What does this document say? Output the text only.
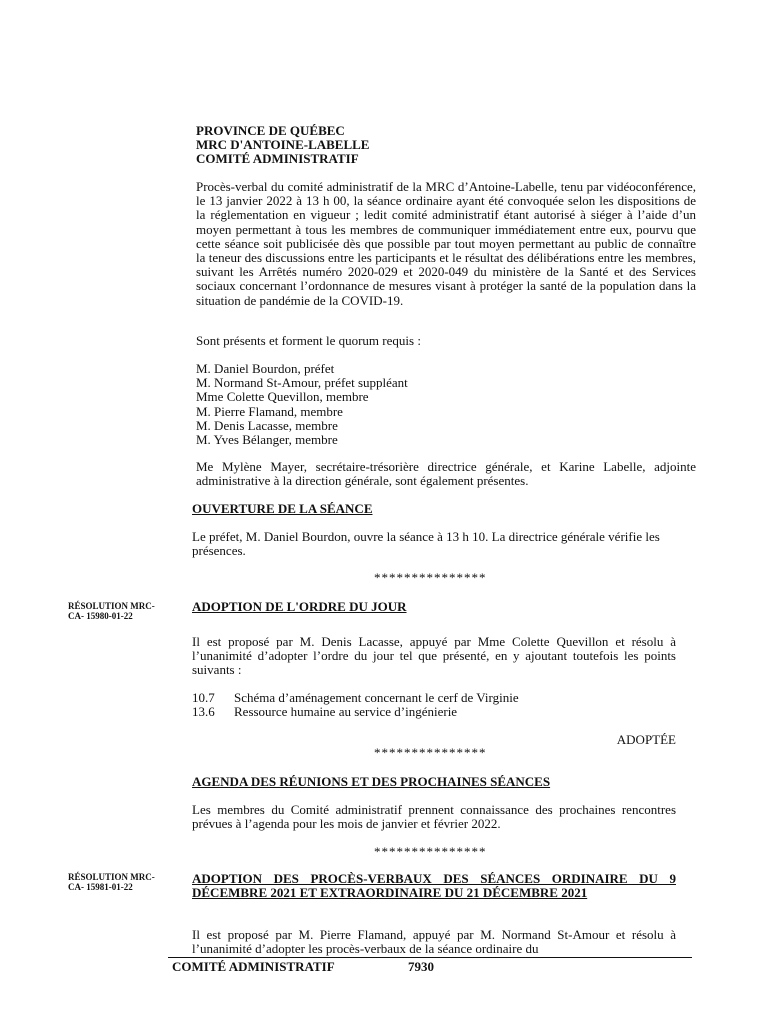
PROVINCE DE QUÉBEC
MRC D'ANTOINE-LABELLE
COMITÉ ADMINISTRATIF
Procès-verbal du comité administratif de la MRC d’Antoine-Labelle, tenu par vidéoconférence, le 13 janvier 2022 à 13 h 00, la séance ordinaire ayant été convoquée selon les dispositions de la réglementation en vigueur ; ledit comité administratif étant autorisé à siéger à l’aide d’un moyen permettant à tous les membres de communiquer immédiatement entre eux, pourvu que cette séance soit publicisée dès que possible par tout moyen permettant au public de connaître la teneur des discussions entre les participants et le résultat des délibérations entre les membres, suivant les Arrêtés numéro 2020-029 et 2020-049 du ministère de la Santé et des Services sociaux concernant l’ordonnance de mesures visant à protéger la santé de la population dans la situation de pandémie de la COVID-19.
Sont présents et forment le quorum requis :
M. Daniel Bourdon, préfet
M. Normand St-Amour, préfet suppléant
Mme Colette Quevillon, membre
M. Pierre Flamand, membre
M. Denis Lacasse, membre
M. Yves Bélanger, membre
Me Mylène Mayer, secrétaire-trésorière directrice générale, et Karine Labelle, adjointe administrative à la direction générale, sont également présentes.
OUVERTURE DE LA SÉANCE
Le préfet, M. Daniel Bourdon, ouvre la séance à 13 h 10. La directrice générale vérifie les présences.
***************
RÉSOLUTION MRC-
CA- 15980-01-22
ADOPTION DE L'ORDRE DU JOUR
Il est proposé par M. Denis Lacasse, appuyé par Mme Colette Quevillon et résolu à l’unanimité d’adopter l’ordre du jour tel que présenté, en y ajoutant toutefois les points suivants :
10.7	Schéma d’aménagement concernant le cerf de Virginie
13.6	Ressource humaine au service d’ingénierie
ADOPTÉE
***************
AGENDA DES RÉUNIONS ET DES PROCHAINES SÉANCES
Les membres du Comité administratif prennent connaissance des prochaines rencontres prévues à l’agenda pour les mois de janvier et février 2022.
***************
RÉSOLUTION MRC-
CA- 15981-01-22
ADOPTION DES PROCÈS-VERBAUX DES SÉANCES ORDINAIRE DU 9 DÉCEMBRE 2021 ET EXTRAORDINAIRE DU 21 DÉCEMBRE 2021
Il est proposé par M. Pierre Flamand, appuyé par M. Normand St-Amour et résolu à l’unanimité d’adopter les procès-verbaux de la séance ordinaire du
COMITÉ ADMINISTRATIF	7930
